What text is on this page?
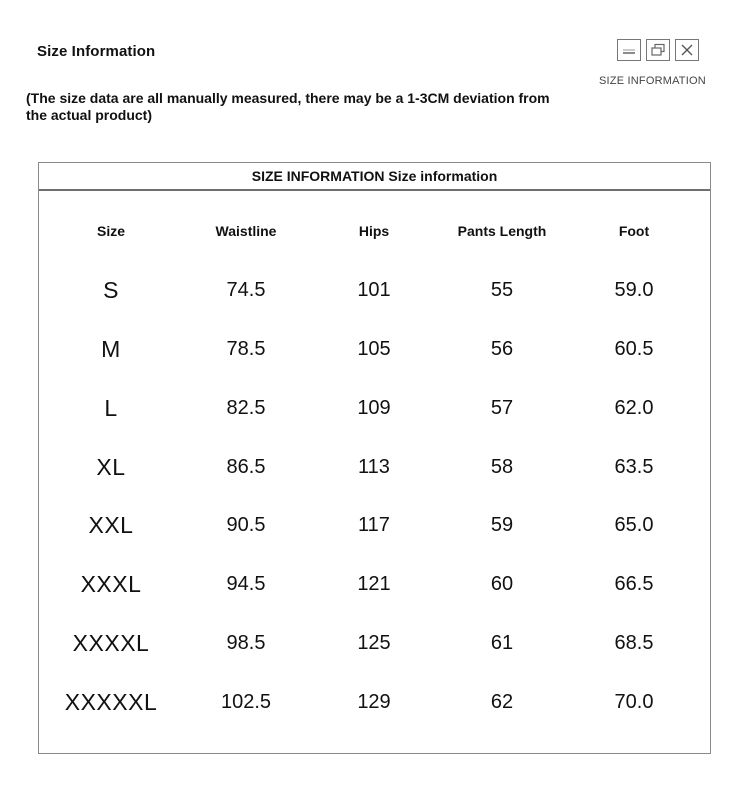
Size Information
SIZE INFORMATION
(The size data are all manually measured, there may be a 1-3CM deviation from the actual product)
SIZE INFORMATION Size information
Size	Waistline	Hips	Pants Length	Foot
S	74.5	101	55	59.0
M	78.5	105	56	60.5
L	82.5	109	57	62.0
XL	86.5	113	58	63.5
XXL	90.5	117	59	65.0
XXXL	94.5	121	60	66.5
XXXXL	98.5	125	61	68.5
XXXXXL	102.5	129	62	70.0
